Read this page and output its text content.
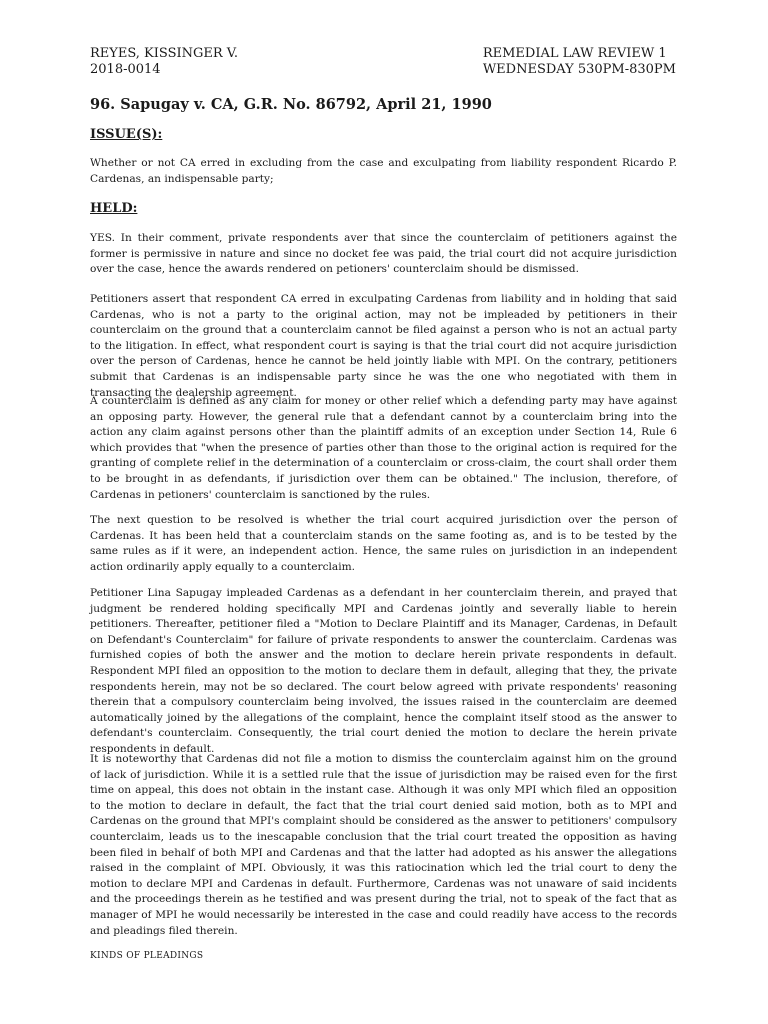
REYES, KISSINGER V.
2018-0014
REMEDIAL LAW REVIEW 1
WEDNESDAY 530PM-830PM
96. Sapugay v. CA, G.R. No. 86792, April 21, 1990
ISSUE(S):

Whether or not CA erred in excluding from the case and exculpating from liability respondent Ricardo P. Cardenas, an indispensable party;

HELD:

YES. In their comment, private respondents aver that since the counterclaim of petitioners against the former is permissive in nature and since no docket fee was paid, the trial court did not acquire jurisdiction over the case, hence the awards rendered on petioners' counterclaim should be dismissed.

Petitioners assert that respondent CA erred in exculpating Cardenas from liability and in holding that said Cardenas, who is not a party to the original action, may not be impleaded by petitioners in their counterclaim on the ground that a counterclaim cannot be filed against a person who is not an actual party to the litigation. In effect, what respondent court is saying is that the trial court did not acquire jurisdiction over the person of Cardenas, hence he cannot be held jointly liable with MPI. On the contrary, petitioners submit that Cardenas is an indispensable party since he was the one who negotiated with them in transacting the dealership agreement.

A counterclaim is defined as any claim for money or other relief which a defending party may have against an opposing party. However, the general rule that a defendant cannot by a counterclaim bring into the action any claim against persons other than the plaintiff admits of an exception under Section 14, Rule 6 which provides that "when the presence of parties other than those to the original action is required for the granting of complete relief in the determination of a counterclaim or cross-claim, the court shall order them to be brought in as defendants, if jurisdiction over them can be obtained." The inclusion, therefore, of Cardenas in petioners' counterclaim is sanctioned by the rules.

The next question to be resolved is whether the trial court acquired jurisdiction over the person of Cardenas. It has been held that a counterclaim stands on the same footing as, and is to be tested by the same rules as if it were, an independent action. Hence, the same rules on jurisdiction in an independent action ordinarily apply equally to a counterclaim.

Petitioner Lina Sapugay impleaded Cardenas as a defendant in her counterclaim therein, and prayed that judgment be rendered holding specifically MPI and Cardenas jointly and severally liable to herein petitioners. Thereafter, petitioner filed a "Motion to Declare Plaintiff and its Manager, Cardenas, in Default on Defendant's Counterclaim" for failure of private respondents to answer the counterclaim. Cardenas was furnished copies of both the answer and the motion to declare herein private respondents in default. Respondent MPI filed an opposition to the motion to declare them in default, alleging that they, the private respondents herein, may not be so declared. The court below agreed with private respondents' reasoning therein that a compulsory counterclaim being involved, the issues raised in the counterclaim are deemed automatically joined by the allegations of the complaint, hence the complaint itself stood as the answer to defendant's counterclaim. Consequently, the trial court denied the motion to declare the herein private respondents in default.

It is noteworthy that Cardenas did not file a motion to dismiss the counterclaim against him on the ground of lack of jurisdiction. While it is a settled rule that the issue of jurisdiction may be raised even for the first time on appeal, this does not obtain in the instant case. Although it was only MPI which filed an opposition to the motion to declare in default, the fact that the trial court denied said motion, both as to MPI and Cardenas on the ground that MPI's complaint should be considered as the answer to petitioners' compulsory counterclaim, leads us to the inescapable conclusion that the trial court treated the opposition as having been filed in behalf of both MPI and Cardenas and that the latter had adopted as his answer the allegations raised in the complaint of MPI. Obviously, it was this ratiocination which led the trial court to deny the motion to declare MPI and Cardenas in default. Furthermore, Cardenas was not unaware of said incidents and the proceedings therein as he testified and was present during the trial, not to speak of the fact that as manager of MPI he would necessarily be interested in the case and could readily have access to the records and pleadings filed therein.

KINDS OF PLEADINGS
